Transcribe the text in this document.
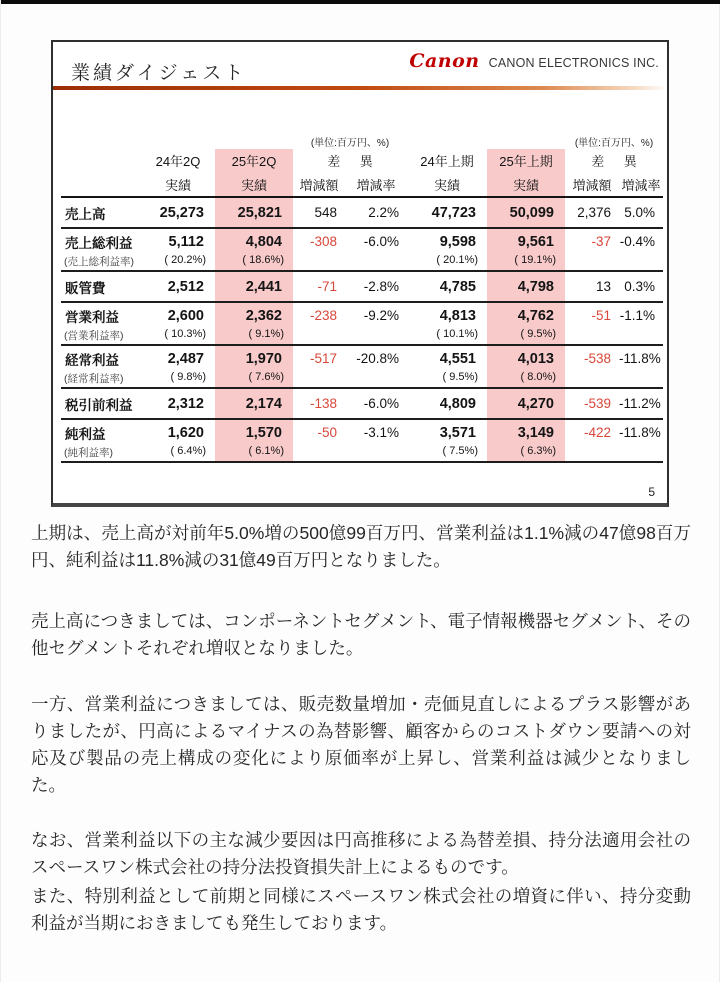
業績ダイジェスト
Canon CANON ELECTRONICS INC.
			(単位:百万円、%)				(単位:百万円、%)	
	24年2Q	25年2Q	差 異		24年上期	25年上期	差 異	
	実績	実績	増減額	増減率	実績	実績	増減額	増減率
売上高	25,273	25,821	548	2.2%	47,723	50,099	2,376	5.0%
売上総利益	5,112	4,804	-308	-6.0%	9,598	9,561	-37	-0.4%
(売上総利益率)	( 20.2%)	( 18.6%)			( 20.1%)	( 19.1%)		
販管費	2,512	2,441	-71	-2.8%	4,785	4,798	13	0.3%
営業利益	2,600	2,362	-238	-9.2%	4,813	4,762	-51	-1.1%
(営業利益率)	( 10.3%)	( 9.1%)			( 10.1%)	( 9.5%)		
経常利益	2,487	1,970	-517	-20.8%	4,551	4,013	-538	-11.8%
(経常利益率)	( 9.8%)	( 7.6%)			( 9.5%)	( 8.0%)		
税引前利益	2,312	2,174	-138	-6.0%	4,809	4,270	-539	-11.2%
純利益	1,620	1,570	-50	-3.1%	3,571	3,149	-422	-11.8%
(純利益率)	( 6.4%)	( 6.1%)			( 7.5%)	( 6.3%)		
5

上期は、売上高が対前年5.0%増の500億99百万円、営業利益は1.1%減の47億98百万円、純利益は11.8%減の31億49百万円となりました。

売上高につきましては、コンポーネントセグメント、電子情報機器セグメント、その他セグメントそれぞれ増収となりました。

一方、営業利益につきましては、販売数量増加・売価見直しによるプラス影響がありましたが、円高によるマイナスの為替影響、顧客からのコストダウン要請への対応及び製品の売上構成の変化により原価率が上昇し、営業利益は減少となりました。

なお、営業利益以下の主な減少要因は円高推移による為替差損、持分法適用会社のスペースワン株式会社の持分法投資損失計上によるものです。

また、特別利益として前期と同様にスペースワン株式会社の増資に伴い、持分変動利益が当期におきましても発生しております。
